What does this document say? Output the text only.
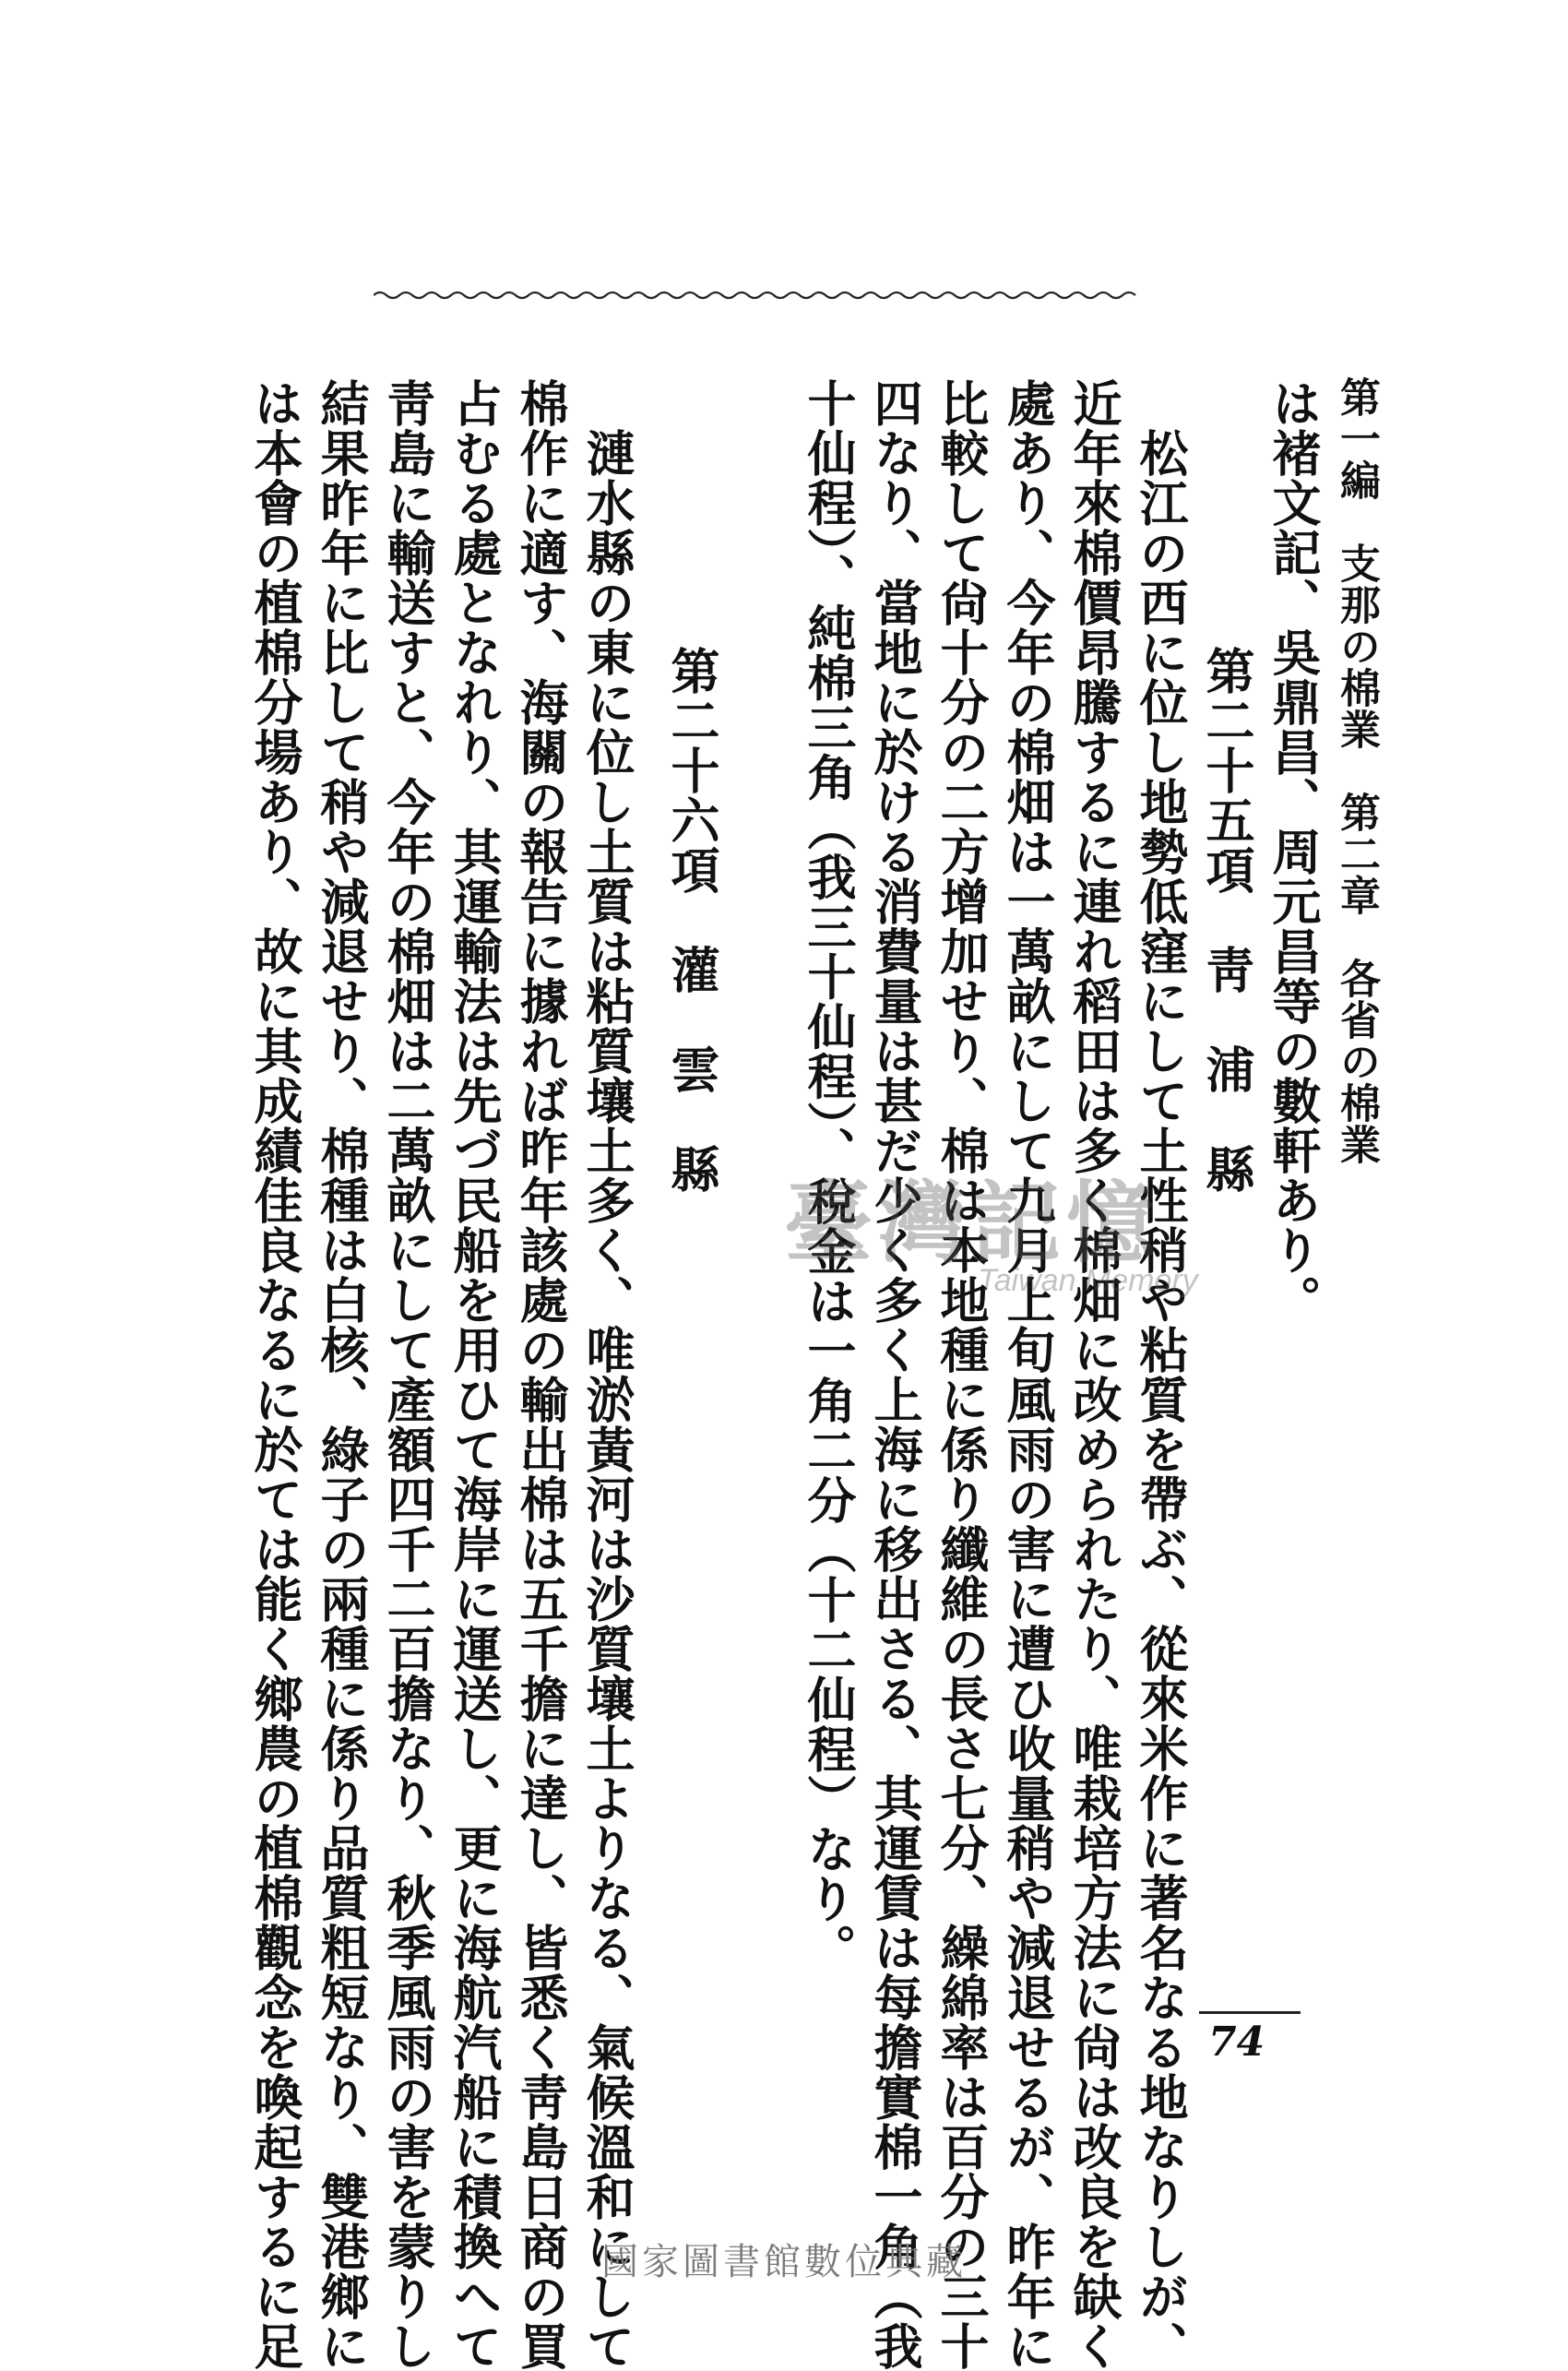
第一編　支那の棉業　第二章　各省の棉業
は褚文記、吳鼎昌、周元昌等の數軒あり。
第二十五項　靑　浦　縣
　松江の西に位し地勢低窪にして土性稍や粘質を帶ぶ、從來米作に著名なる地なりしが、
近年來棉價昂騰するに連れ稻田は多く棉畑に改められたり、唯栽培方法に尙は改良を缺く
處あり、今年の棉畑は一萬畝にして九月上旬風雨の害に遭ひ收量稍や減退せるが、昨年に
比較して尙十分の二方增加せり、棉は本地種に係り纖維の長さ七分、繰綿率は百分の三十
四なり、當地に於ける消費量は甚だ少く多く上海に移出さる、其運賃は每擔實棉一角（我
十仙程）、純棉三角（我三十仙程）、稅金は一角二分（十二仙程）なり。
第二十六項　灌　雲　縣
　漣水縣の東に位し土質は粘質壤土多く、唯淤黃河は沙質壤土よりなる、氣候溫和にして
棉作に適す、海關の報告に據れば昨年該處の輸出棉は五千擔に達し、皆悉く靑島日商の買
占むる處となれり、其運輸法は先づ民船を用ひて海岸に運送し、更に海航汽船に積換へて
靑島に輸送すと、今年の棉畑は二萬畝にして產額四千二百擔なり、秋季風雨の害を蒙りし
結果昨年に比して稍や減退せり、棉種は白核、綠子の兩種に係り品質粗短なり、雙港鄉に
は本會の植棉分場あり、故に其成績佳良なるに於ては能く鄉農の植棉觀念を喚起するに足	74
臺灣記憶
Taiwan Memory
國家圖書館數位典藏
